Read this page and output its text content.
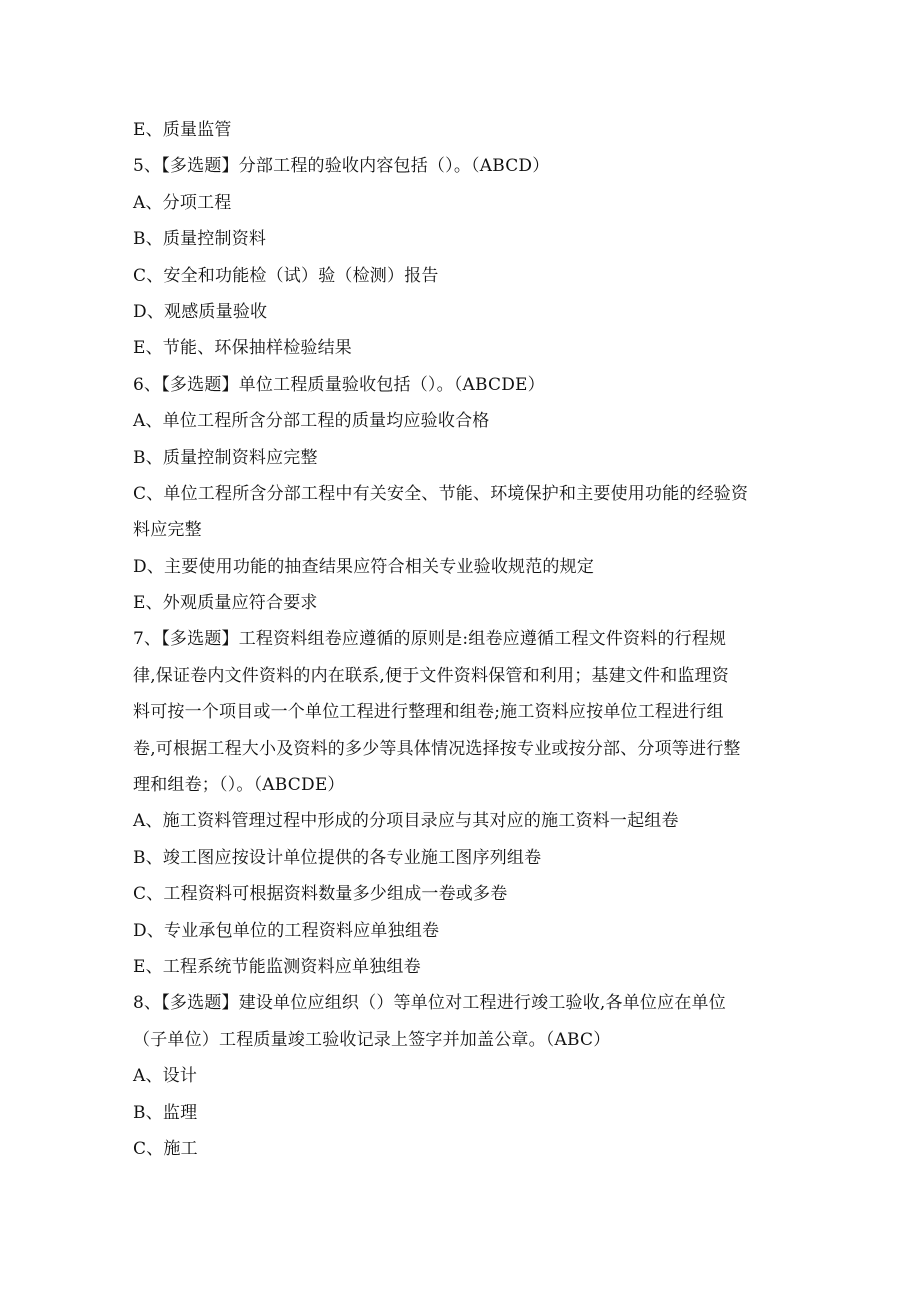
E、质量监管
5、【多选题】分部工程的验收内容包括（）。（ABCD）
A、分项工程
B、质量控制资料
C、安全和功能检（试）验（检测）报告
D、观感质量验收
E、节能、环保抽样检验结果
6、【多选题】单位工程质量验收包括（）。（ABCDE）
A、单位工程所含分部工程的质量均应验收合格
B、质量控制资料应完整
C、单位工程所含分部工程中有关安全、节能、环境保护和主要使用功能的经验资
料应完整
D、主要使用功能的抽查结果应符合相关专业验收规范的规定
E、外观质量应符合要求
7、【多选题】工程资料组卷应遵循的原则是:组卷应遵循工程文件资料的行程规
律,保证卷内文件资料的内在联系,便于文件资料保管和利用；基建文件和监理资
料可按一个项目或一个单位工程进行整理和组卷;施工资料应按单位工程进行组
卷,可根据工程大小及资料的多少等具体情况选择按专业或按分部、分项等进行整
理和组卷；（）。（ABCDE）
A、施工资料管理过程中形成的分项目录应与其对应的施工资料一起组卷
B、竣工图应按设计单位提供的各专业施工图序列组卷
C、工程资料可根据资料数量多少组成一卷或多卷
D、专业承包单位的工程资料应单独组卷
E、工程系统节能监测资料应单独组卷
8、【多选题】建设单位应组织（）等单位对工程进行竣工验收,各单位应在单位
（子单位）工程质量竣工验收记录上签字并加盖公章。（ABC）
A、设计
B、监理
C、施工
